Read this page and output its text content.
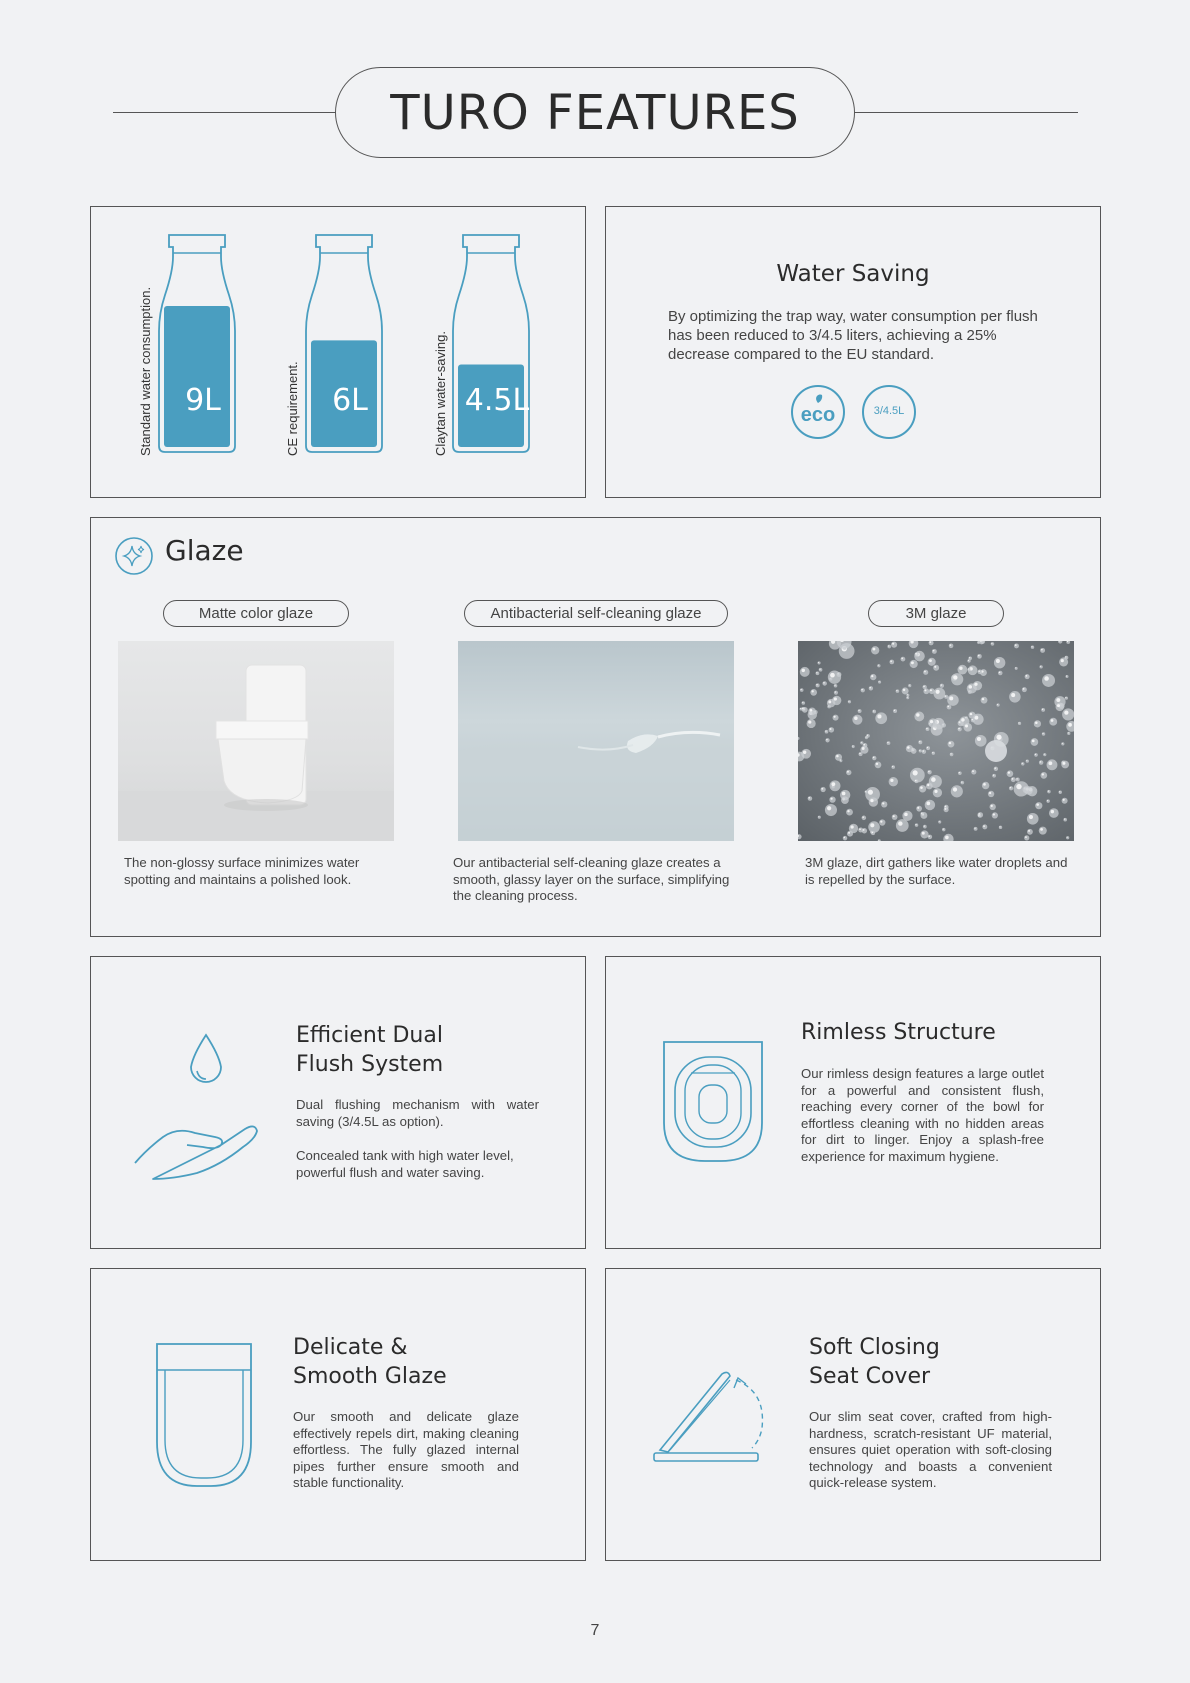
TURO FEATURES
Standard water consumption.	CE requirement.	Claytan water-saving.
9L	6L	4.5L
Water Saving
By optimizing the trap way, water consumption per flush has been reduced to 3/4.5 liters, achieving a 25% decrease compared to the EU standard.
eco	3/4.5L
Glaze
Matte color glaze
The non-glossy surface minimizes water spotting and maintains a polished look.
Antibacterial self-cleaning glaze
Our antibacterial self-cleaning glaze creates a smooth, glassy layer on the surface, simplifying the cleaning process.
3M glaze
3M glaze, dirt gathers like water droplets and is repelled by the surface.
Efficient Dual
Flush System
Dual flushing mechanism with water saving (3/4.5L as option).
Concealed tank with high water level, powerful flush and water saving.
Rimless Structure
Our rimless design features a large outlet for a powerful and consistent flush, reaching every corner of the bowl for effortless cleaning with no hidden areas for dirt to linger. Enjoy a splash-free experience for maximum hygiene.
Delicate &
Smooth Glaze
Our smooth and delicate glaze effectively repels dirt, making cleaning effortless. The fully glazed internal pipes further ensure smooth and stable functionality.
Soft Closing
Seat Cover
Our slim seat cover, crafted from high-hardness, scratch-resistant UF material, ensures quiet operation with soft-closing technology and boasts a convenient quick-release system.
7
